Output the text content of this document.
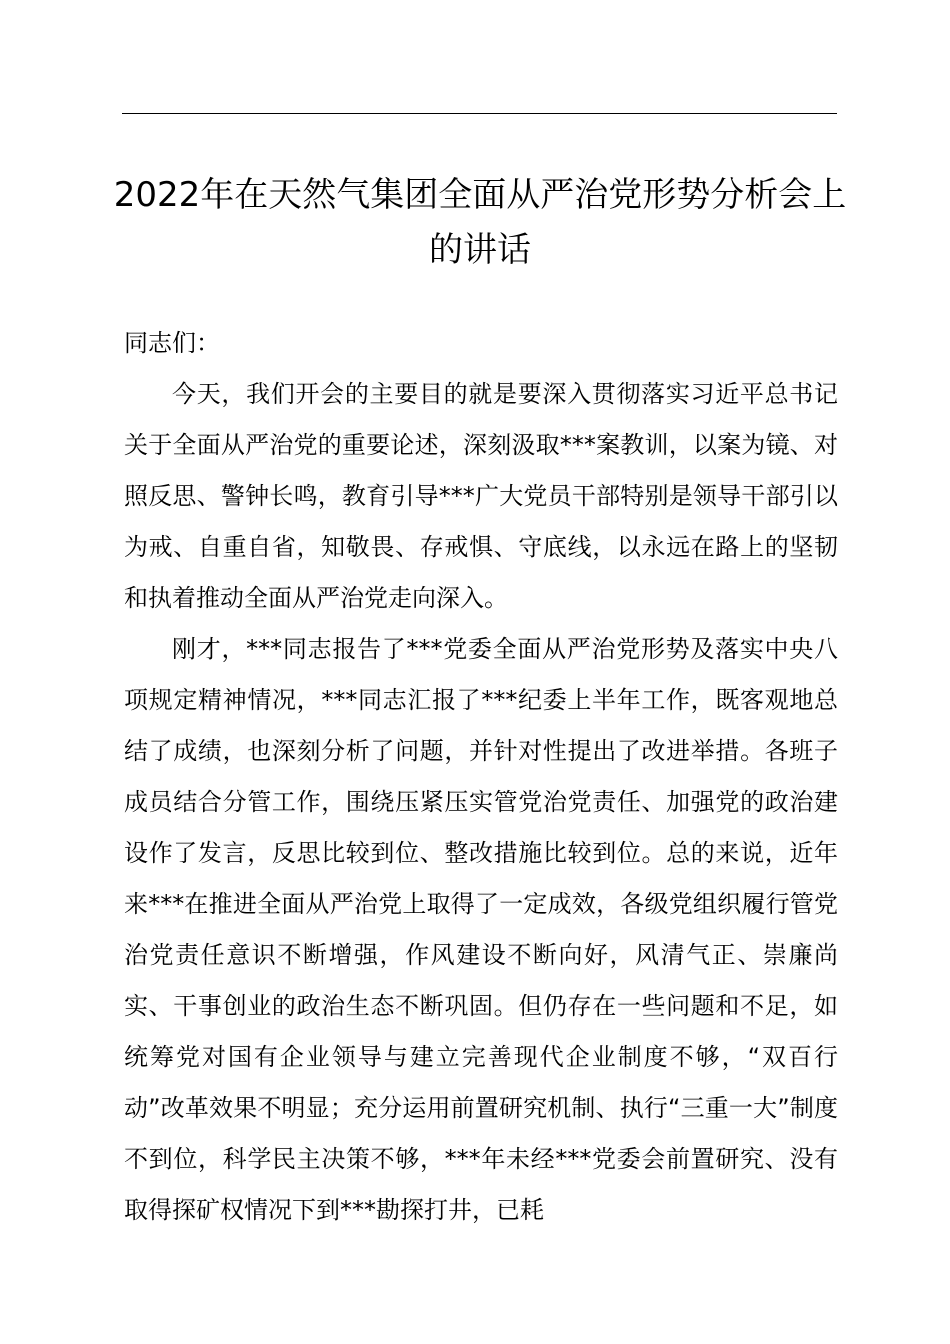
2022年在天然气集团全面从严治党形势分析会上的讲话

同志们：

今天，我们开会的主要目的就是要深入贯彻落实习近平总书记关于全面从严治党的重要论述，深刻汲取***案教训，以案为镜、对照反思、警钟长鸣，教育引导***广大党员干部特别是领导干部引以为戒、自重自省，知敬畏、存戒惧、守底线，以永远在路上的坚韧和执着推动全面从严治党走向深入。

刚才，***同志报告了***党委全面从严治党形势及落实中央八项规定精神情况，***同志汇报了***纪委上半年工作，既客观地总结了成绩，也深刻分析了问题，并针对性提出了改进举措。各班子成员结合分管工作，围绕压紧压实管党治党责任、加强党的政治建设作了发言，反思比较到位、整改措施比较到位。总的来说，近年来***在推进全面从严治党上取得了一定成效，各级党组织履行管党治党责任意识不断增强，作风建设不断向好，风清气正、崇廉尚实、干事创业的政治生态不断巩固。但仍存在一些问题和不足，如统筹党对国有企业领导与建立完善现代企业制度不够，“双百行动”改革效果不明显；充分运用前置研究机制、执行“三重一大”制度不到位，科学民主决策不够，***年未经***党委会前置研究、没有取得探矿权情况下到***勘探打井，已耗
